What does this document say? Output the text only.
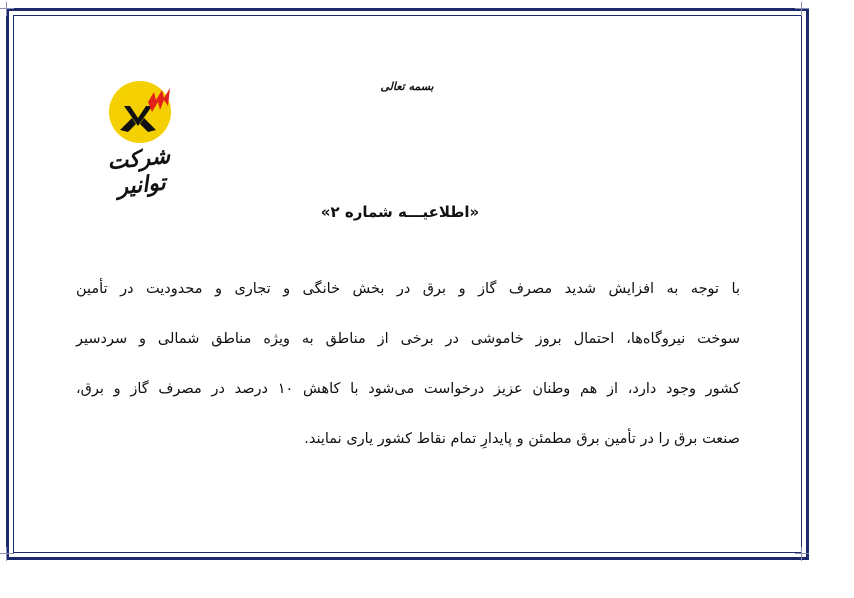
بسمه تعالی
شرکت توانیر
«اطلاعیـــه شماره ۲»
با توجه به افزایش شدید مصرف گاز و برق در بخش خانگی و تجاری و محدودیت در تأمین
سوخت نیروگاه‌ها، احتمال بروز خاموشی در برخی از مناطق به ویژه مناطق شمالی و سردسیر
کشور وجود دارد، از هم وطنان عزیز درخواست می‌شود با کاهش ۱۰ درصد در مصرف گاز و برق،
صنعت برق را در تأمین برق مطمئن و پایدارِ تمام نقاط کشور یاری نمایند.
